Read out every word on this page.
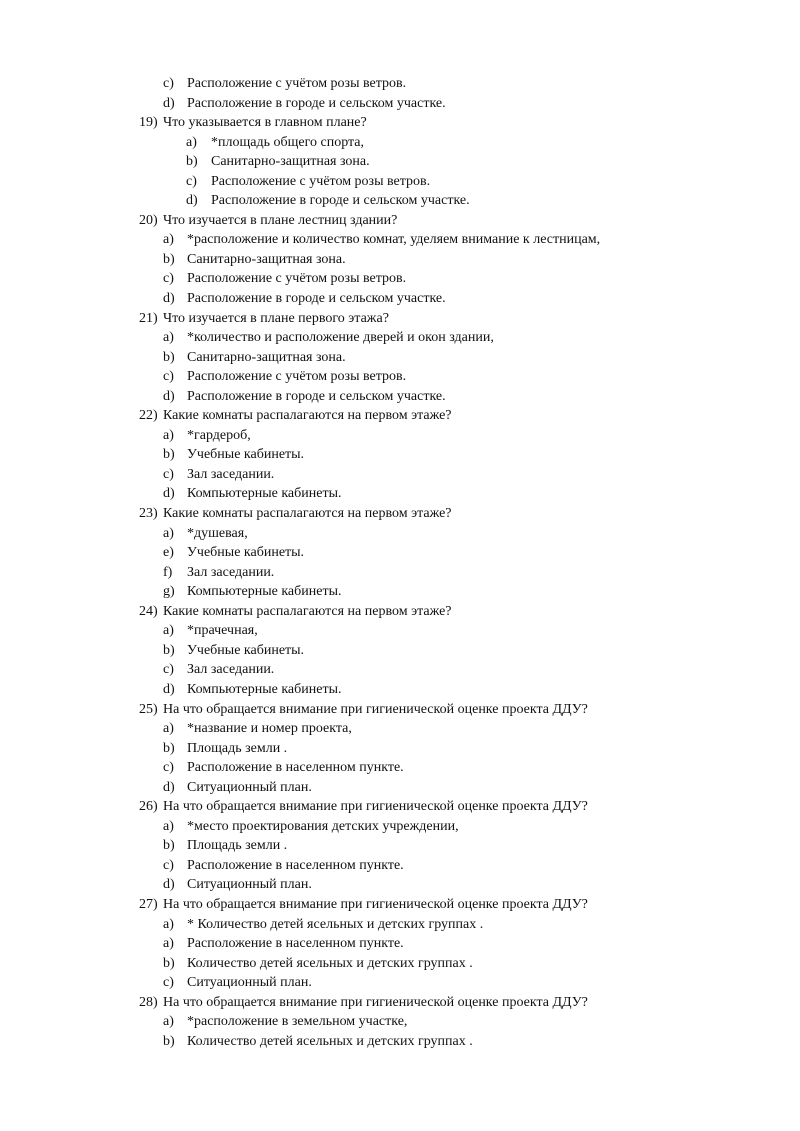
c) Расположение с учётом розы ветров.
d) Расположение в городе и сельском участке.
19) Что указывается в главном плане?
a) *площадь общего спорта,
b) Санитарно-защитная зона.
c) Расположение с учётом розы ветров.
d) Расположение в городе и сельском участке.
20) Что изучается в плане лестниц здании?
a) *расположение и количество комнат, уделяем внимание к лестницам,
b) Санитарно-защитная зона.
c) Расположение с учётом розы ветров.
d) Расположение в городе и сельском участке.
21) Что изучается в плане первого этажа?
a) *количество и расположение дверей и окон здании,
b) Санитарно-защитная зона.
c) Расположение с учётом розы ветров.
d) Расположение в городе и сельском участке.
22) Какие комнаты распалагаются на первом этаже?
a) *гардероб,
b) Учебные кабинеты.
c) Зал заседании.
d) Компьютерные кабинеты.
23) Какие комнаты распалагаются на первом этаже?
a) *душевая,
e) Учебные кабинеты.
f) Зал заседании.
g) Компьютерные кабинеты.
24) Какие комнаты распалагаются на первом этаже?
a) *прачечная,
b) Учебные кабинеты.
c) Зал заседании.
d) Компьютерные кабинеты.
25) На что обращается внимание при гигиенической оценке проекта ДДУ?
a) *название и номер проекта,
b) Площадь земли .
c) Расположение в населенном пункте.
d) Ситуационный план.
26) На что обращается внимание при гигиенической оценке проекта ДДУ?
a) *место проектирования детских учреждении,
b) Площадь земли .
c) Расположение в населенном пункте.
d) Ситуационный план.
27) На что обращается внимание при гигиенической оценке проекта ДДУ?
a) * Количество детей ясельных и детских группах .
a) Расположение в населенном пункте.
b) Количество детей ясельных и детских группах .
c) Ситуационный план.
28) На что обращается внимание при гигиенической оценке проекта ДДУ?
a) *расположение в земельном участке,
b) Количество детей ясельных и детских группах .
